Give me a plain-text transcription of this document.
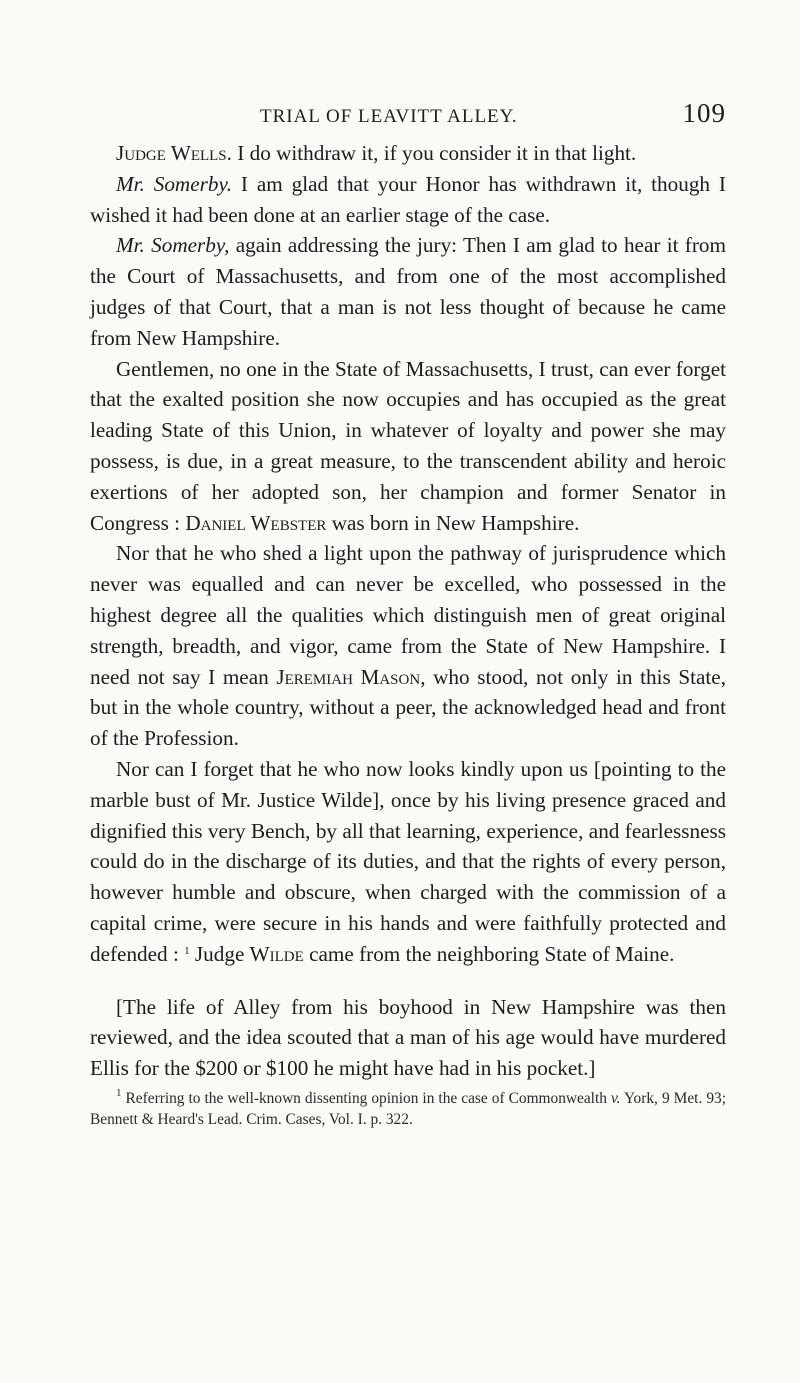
TRIAL OF LEAVITT ALLEY.	109

Judge Wells. I do withdraw it, if you consider it in that light.

Mr. Somerby. I am glad that your Honor has withdrawn it, though I wished it had been done at an earlier stage of the case.

Mr. Somerby, again addressing the jury: Then I am glad to hear it from the Court of Massachusetts, and from one of the most accomplished judges of that Court, that a man is not less thought of because he came from New Hampshire.

Gentlemen, no one in the State of Massachusetts, I trust, can ever forget that the exalted position she now occupies and has occupied as the great leading State of this Union, in whatever of loyalty and power she may possess, is due, in a great measure, to the transcendent ability and heroic exertions of her adopted son, her champion and former Senator in Congress : Daniel Webster was born in New Hampshire.

Nor that he who shed a light upon the pathway of jurisprudence which never was equalled and can never be excelled, who possessed in the highest degree all the qualities which distinguish men of great original strength, breadth, and vigor, came from the State of New Hampshire. I need not say I mean Jeremiah Mason, who stood, not only in this State, but in the whole country, without a peer, the acknowledged head and front of the Profession.

Nor can I forget that he who now looks kindly upon us [pointing to the marble bust of Mr. Justice Wilde], once by his living presence graced and dignified this very Bench, by all that learning, experience, and fearlessness could do in the discharge of its duties, and that the rights of every person, however humble and obscure, when charged with the commission of a capital crime, were secure in his hands and were faithfully protected and defended : $^1$ Judge Wilde came from the neighboring State of Maine.

[The life of Alley from his boyhood in New Hampshire was then reviewed, and the idea scouted that a man of his age would have murdered Ellis for the $200 or $100 he might have had in his pocket.]

$^1$ Referring to the well-known dissenting opinion in the case of Commonwealth v. York, 9 Met. 93; Bennett & Heard's Lead. Crim. Cases, Vol. I. p. 322.
